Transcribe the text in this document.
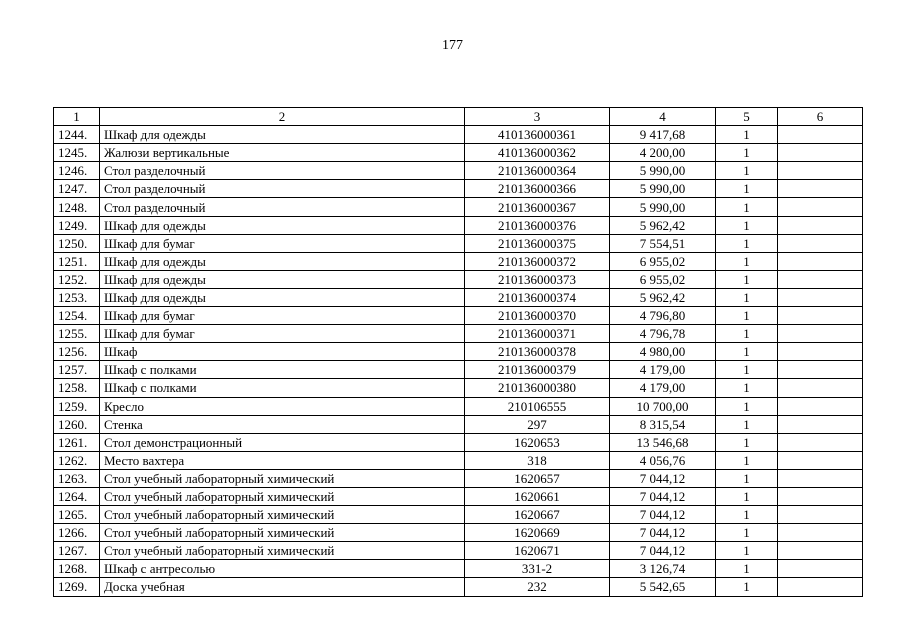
177
1	2	3	4	5	6
1244.	Шкаф для одежды	410136000361	9 417,68	1	
1245.	Жалюзи вертикальные	410136000362	4 200,00	1	
1246.	Стол разделочный	210136000364	5 990,00	1	
1247.	Стол разделочный	210136000366	5 990,00	1	
1248.	Стол разделочный	210136000367	5 990,00	1	
1249.	Шкаф для одежды	210136000376	5 962,42	1	
1250.	Шкаф для бумаг	210136000375	7 554,51	1	
1251.	Шкаф для одежды	210136000372	6 955,02	1	
1252.	Шкаф для одежды	210136000373	6 955,02	1	
1253.	Шкаф для одежды	210136000374	5 962,42	1	
1254.	Шкаф для бумаг	210136000370	4 796,80	1	
1255.	Шкаф для бумаг	210136000371	4 796,78	1	
1256.	Шкаф	210136000378	4 980,00	1	
1257.	Шкаф с полками	210136000379	4 179,00	1	
1258.	Шкаф с полками	210136000380	4 179,00	1	
1259.	Кресло	210106555	10 700,00	1	
1260.	Стенка	297	8 315,54	1	
1261.	Стол демонстрационный	1620653	13 546,68	1	
1262.	Место вахтера	318	4 056,76	1	
1263.	Стол учебный лабораторный химический	1620657	7 044,12	1	
1264.	Стол учебный лабораторный химический	1620661	7 044,12	1	
1265.	Стол учебный лабораторный химический	1620667	7 044,12	1	
1266.	Стол учебный лабораторный химический	1620669	7 044,12	1	
1267.	Стол учебный лабораторный химический	1620671	7 044,12	1	
1268.	Шкаф с антресолью	331-2	3 126,74	1	
1269.	Доска учебная	232	5 542,65	1	
